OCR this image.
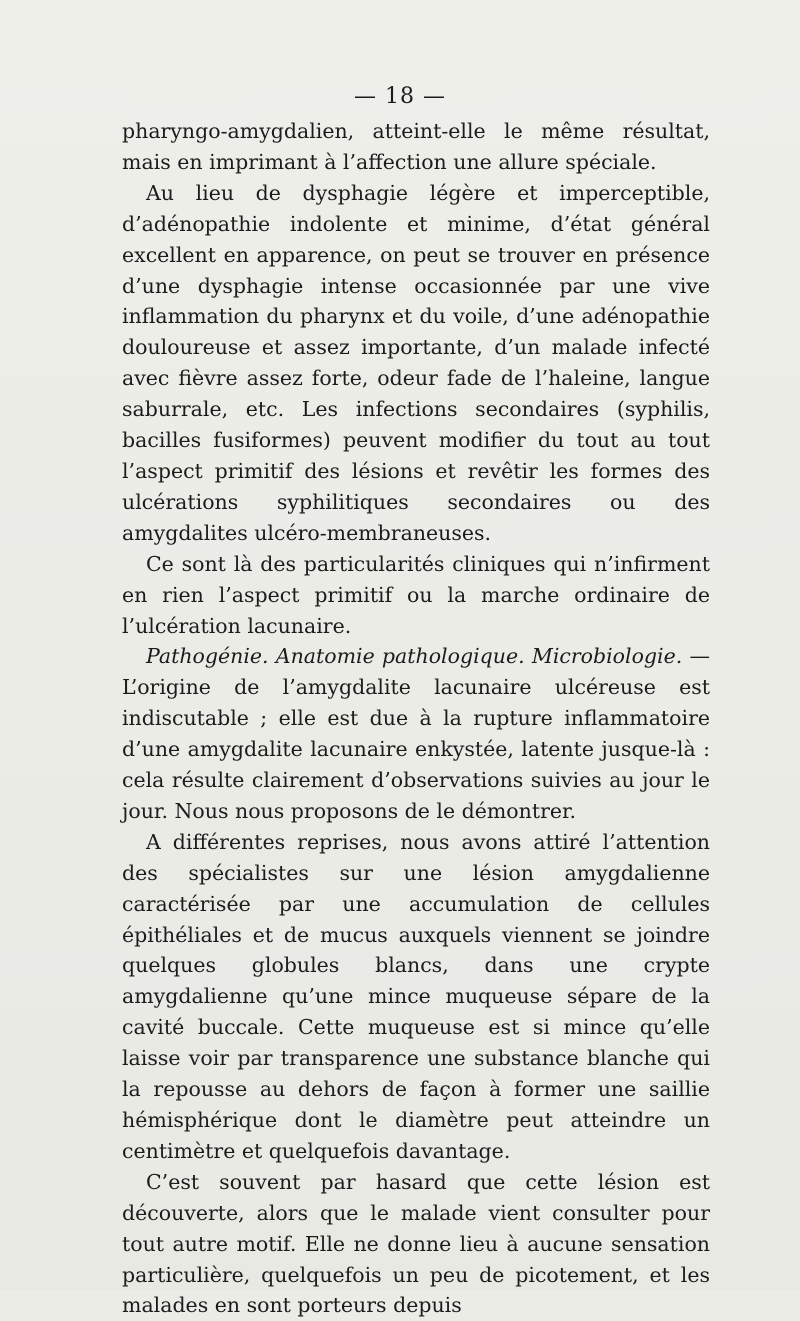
— 18 —

pharyngo-amygdalien, atteint-elle le même résultat, mais en imprimant à l’affection une allure spéciale.

Au lieu de dysphagie légère et imperceptible, d’adénopathie indolente et minime, d’état général excellent en apparence, on peut se trouver en présence d’une dysphagie intense occasionnée par une vive inflammation du pharynx et du voile, d’une adénopathie douloureuse et assez importante, d’un malade infecté avec fièvre assez forte, odeur fade de l’haleine, langue saburrale, etc. Les infections secondaires (syphilis, bacilles fusiformes) peuvent modifier du tout au tout l’aspect primitif des lésions et revêtir les formes des ulcérations syphilitiques secondaires ou des amygdalites ulcéro-membraneuses.

Ce sont là des particularités cliniques qui n’infirment en rien l’aspect primitif ou la marche ordinaire de l’ulcération lacunaire.

Pathogénie. Anatomie pathologique. Microbiologie. — L’origine de l’amygdalite lacunaire ulcéreuse est indiscutable ; elle est due à la rupture inflammatoire d’une amygdalite lacunaire enkystée, latente jusque-là : cela résulte clairement d’observations suivies au jour le jour. Nous nous proposons de le démontrer.

A différentes reprises, nous avons attiré l’attention des spécialistes sur une lésion amygdalienne caractérisée par une accumulation de cellules épithéliales et de mucus auxquels viennent se joindre quelques globules blancs, dans une crypte amygdalienne qu’une mince muqueuse sépare de la cavité buccale. Cette muqueuse est si mince qu’elle laisse voir par transparence une substance blanche qui la repousse au dehors de façon à former une saillie hémisphérique dont le diamètre peut atteindre un centimètre et quelquefois davantage.

C’est souvent par hasard que cette lésion est découverte, alors que le malade vient consulter pour tout autre motif. Elle ne donne lieu à aucune sensation particulière, quelquefois un peu de picotement, et les malades en sont porteurs depuis
